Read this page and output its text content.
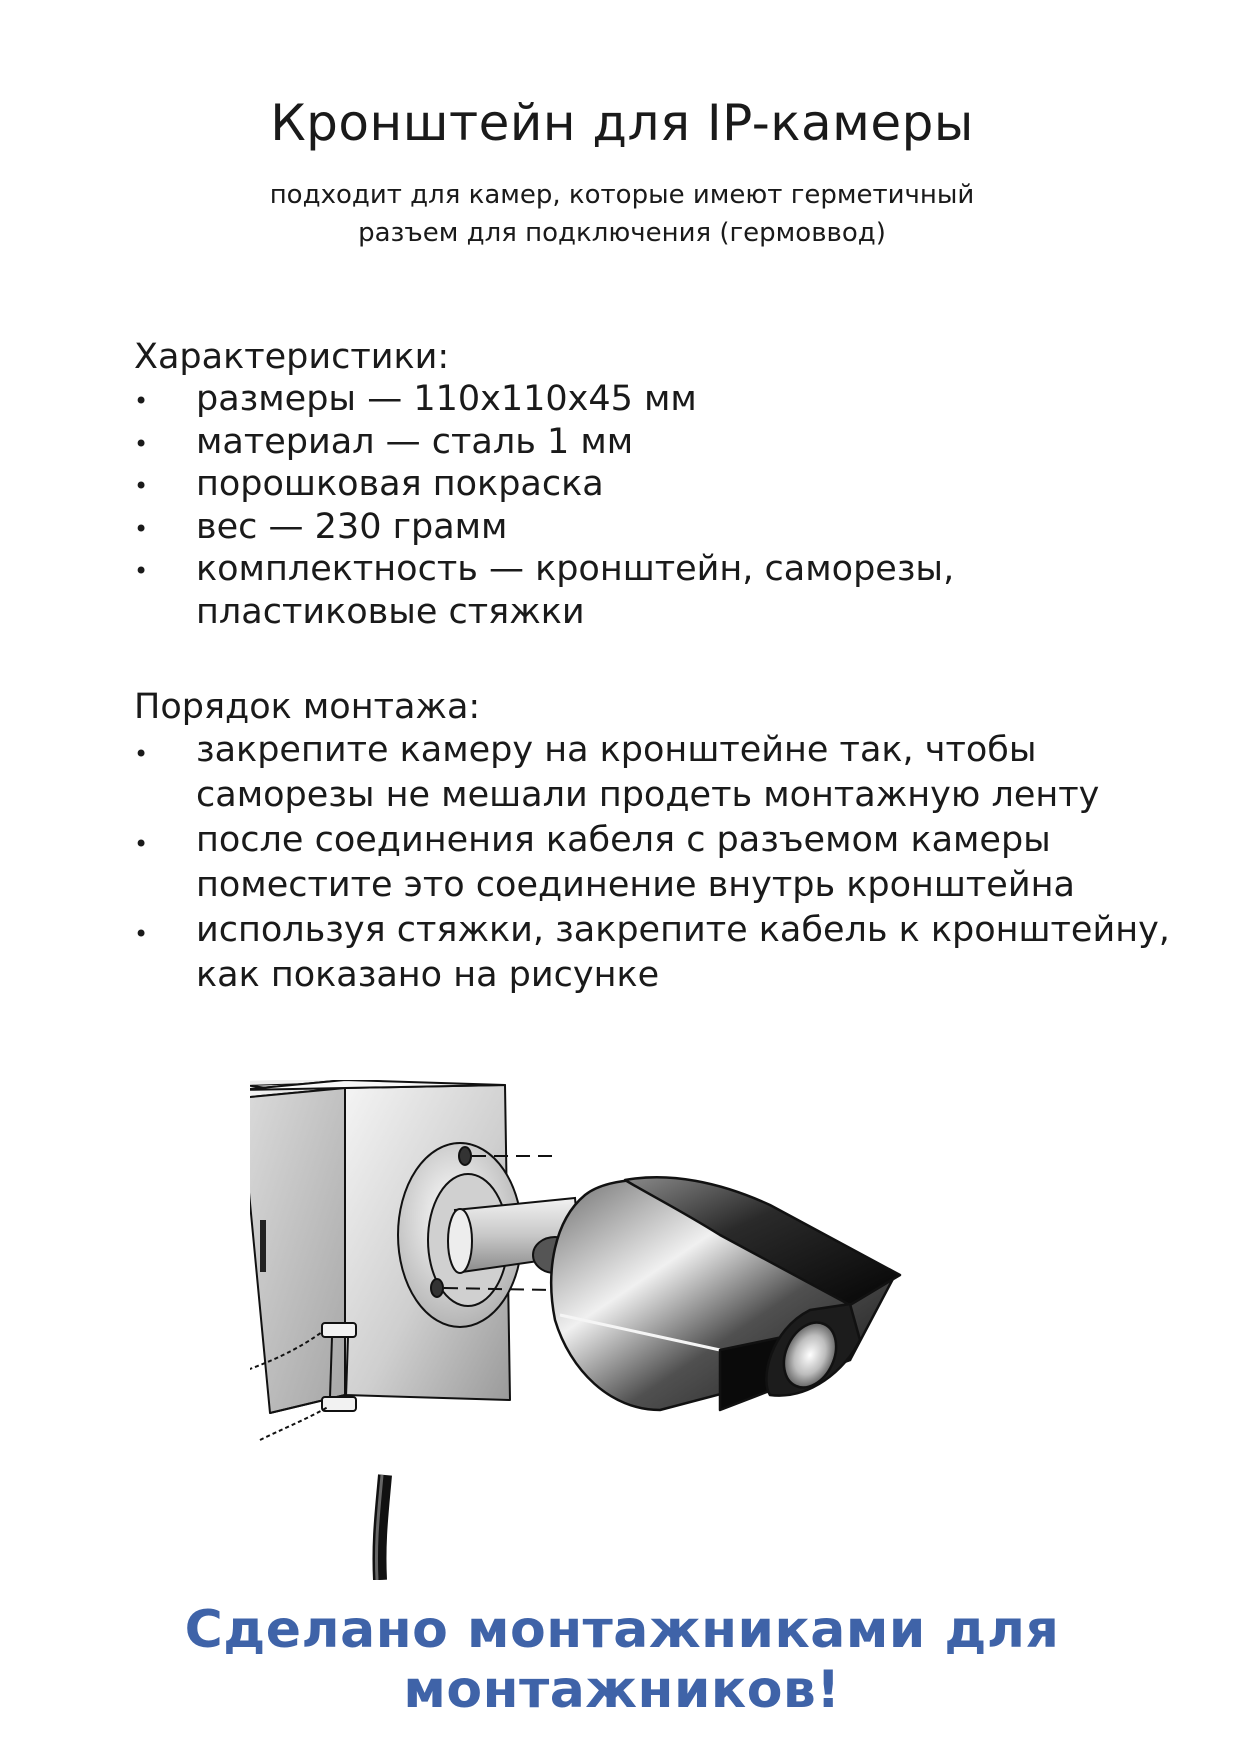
Кронштейн для IP-камеры

подходит для камер, которые имеют герметичный
разъем для подключения (гермоввод)

Характеристики:

• размеры — 110х110х45 мм
• материал — сталь 1 мм
• порошковая покраска
• вес — 230 грамм
• комплектность — кронштейн, саморезы,
пластиковые стяжки

Порядок монтажа:

• закрепите камеру на кронштейне так, чтобы
саморезы не мешали продеть монтажную ленту
• после соединения кабеля с разъемом камеры
поместите это соединение внутрь кронштейна
• используя стяжки, закрепите кабель к кронштейну,
как показано на рисунке
Сделано монтажниками для монтажников!
